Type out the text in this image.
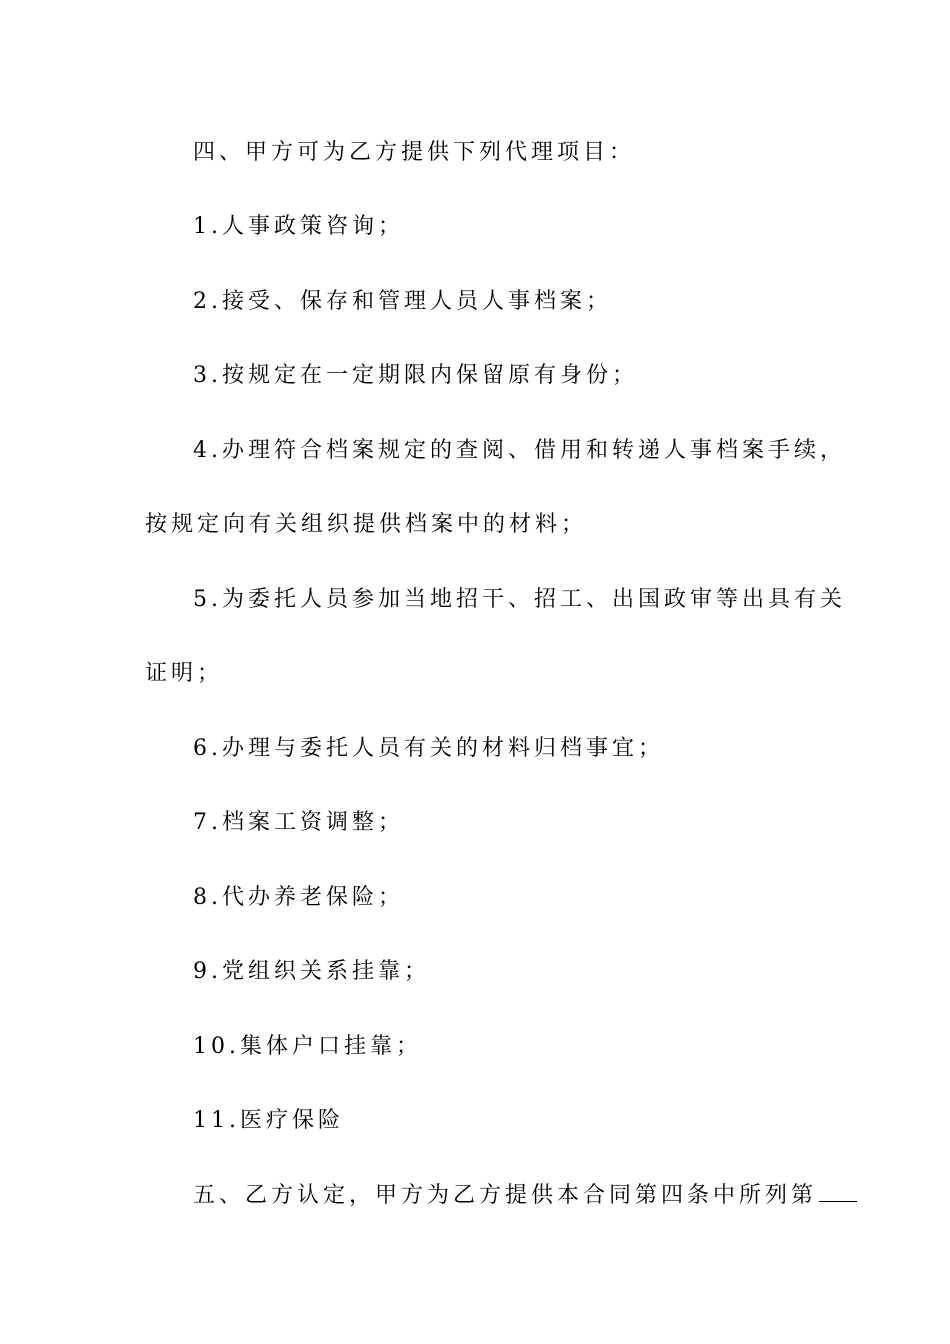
四、甲方可为乙方提供下列代理项目：
1.人事政策咨询；
2.接受、保存和管理人员人事档案；
3.按规定在一定期限内保留原有身份；
4.办理符合档案规定的查阅、借用和转递人事档案手续，
按规定向有关组织提供档案中的材料；
5.为委托人员参加当地招干、招工、出国政审等出具有关
证明；
6.办理与委托人员有关的材料归档事宜；
7.档案工资调整；
8.代办养老保险；
9.党组织关系挂靠；
10.集体户口挂靠；
11.医疗保险
五、乙方认定，甲方为乙方提供本合同第四条中所列第
